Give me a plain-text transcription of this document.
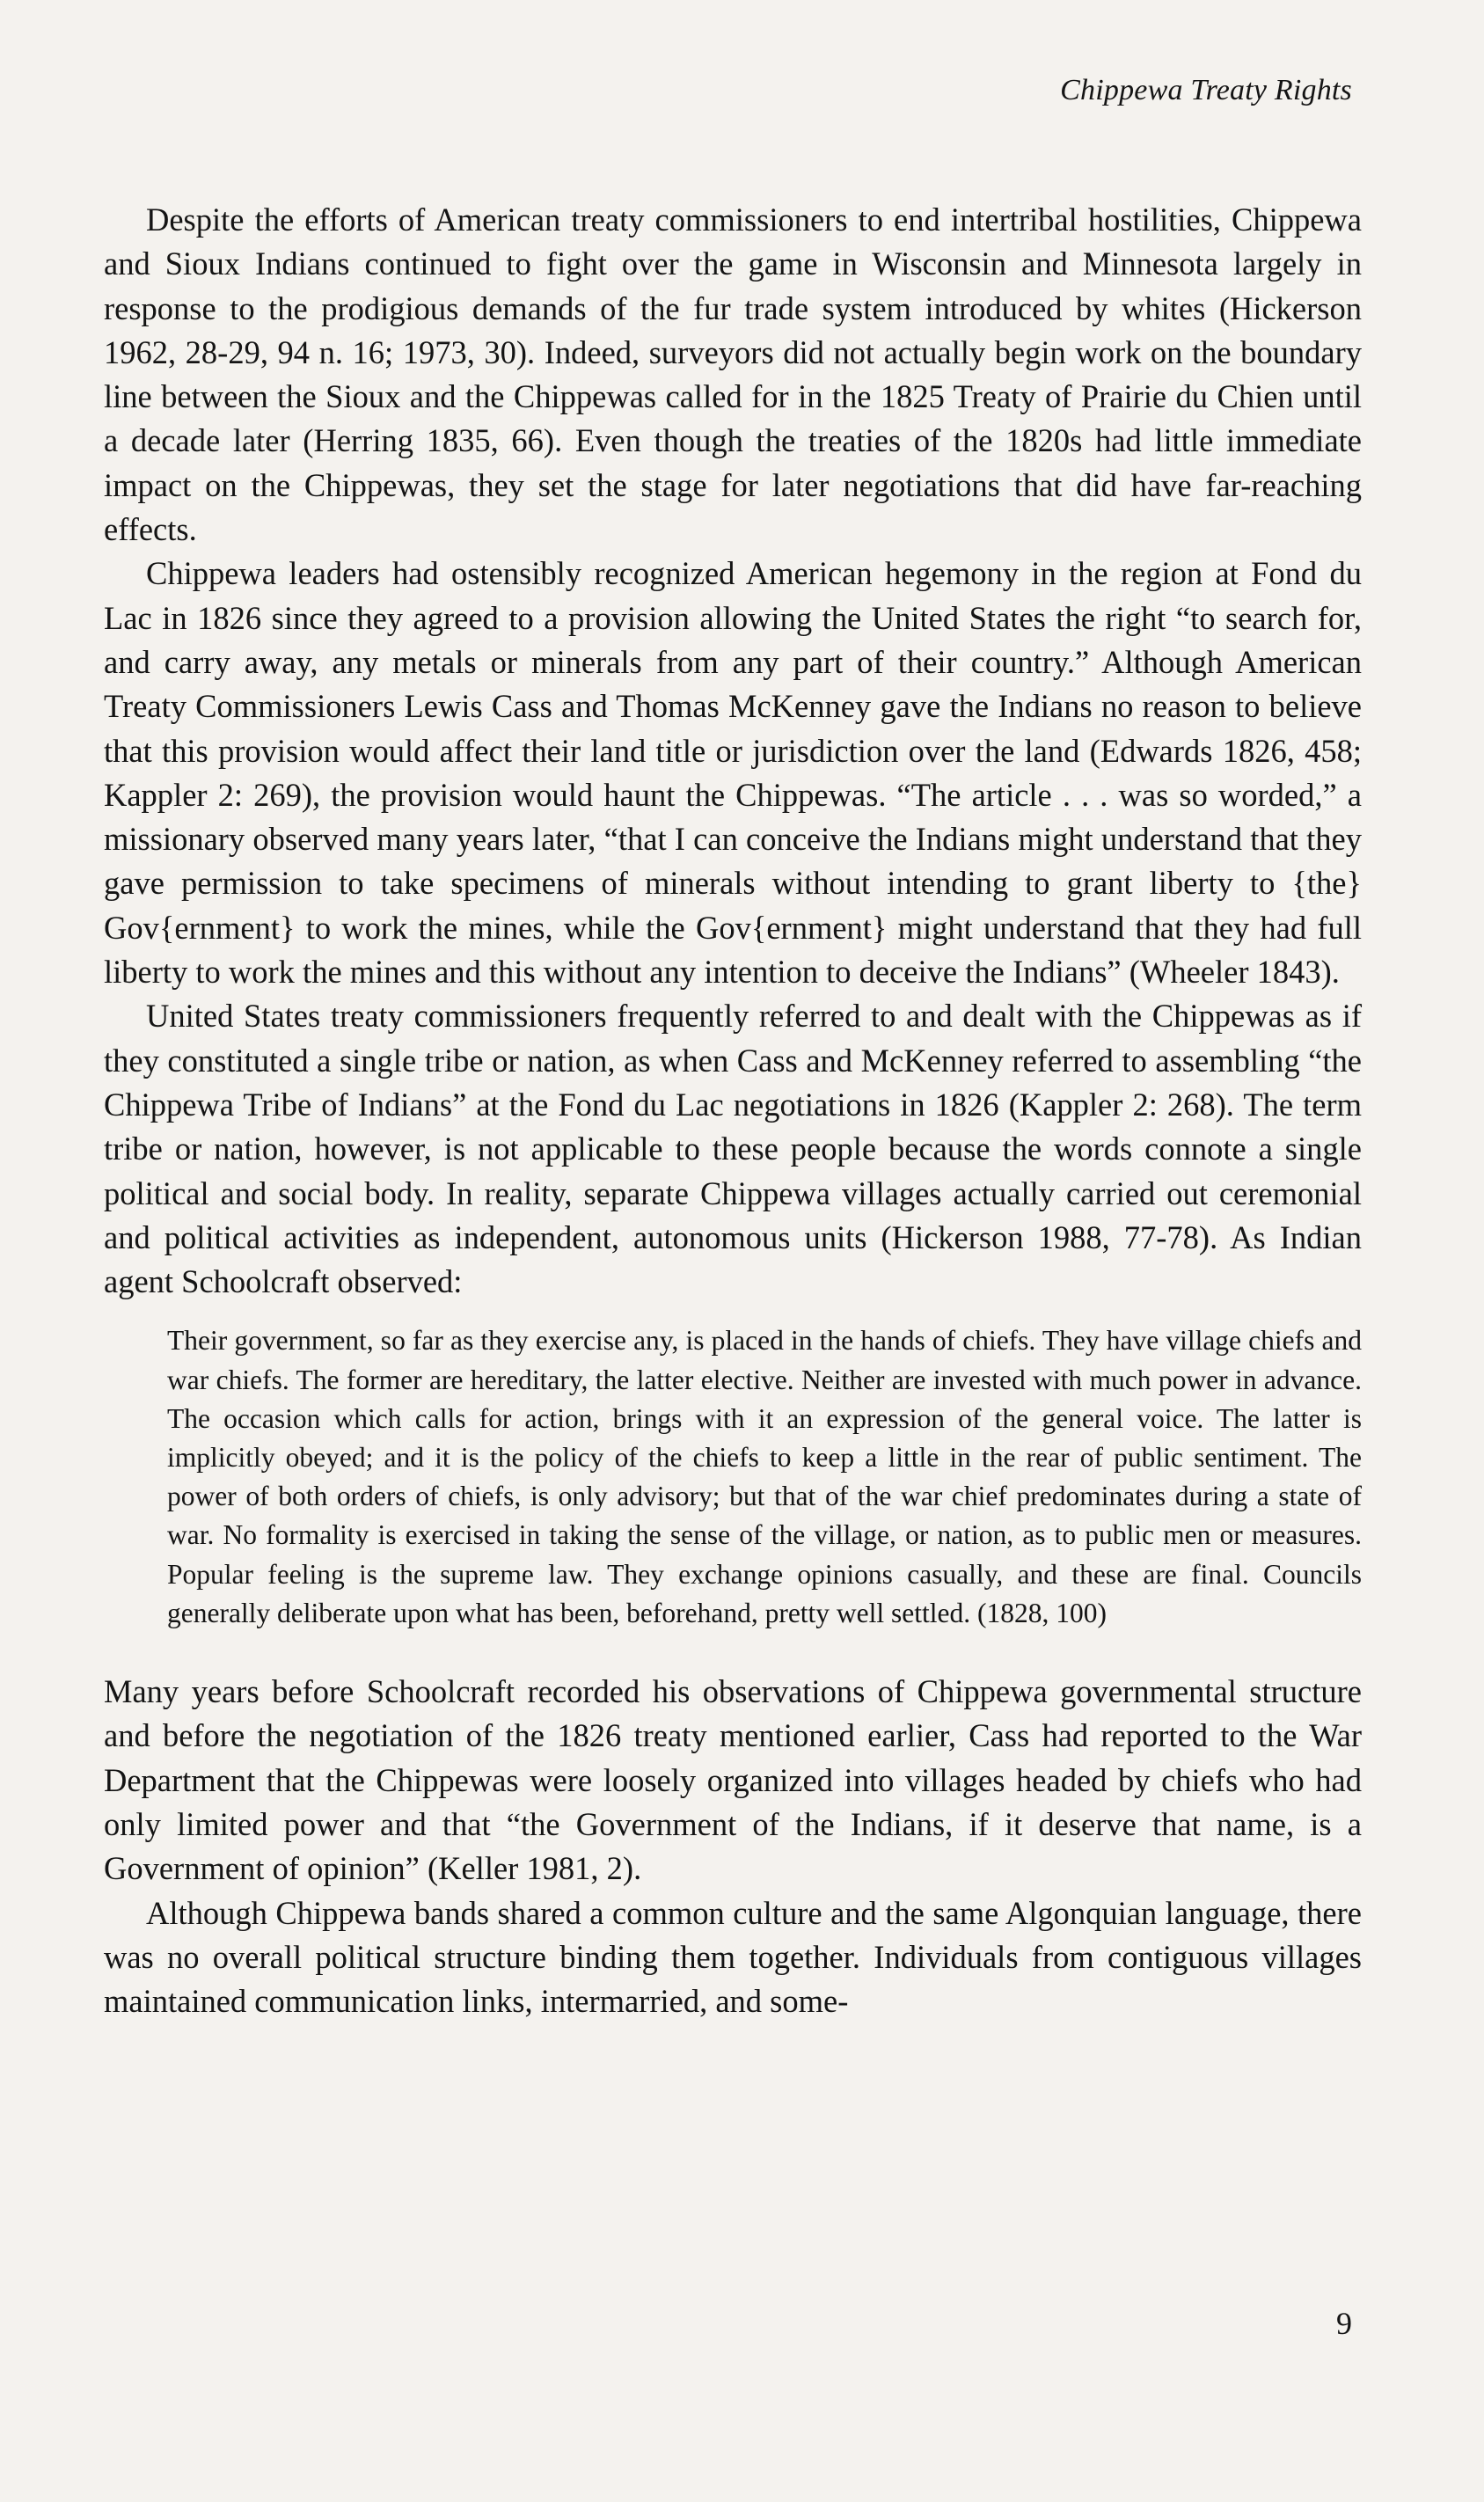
Chippewa Treaty Rights

Despite the efforts of American treaty commissioners to end intertribal hostilities, Chippewa and Sioux Indians continued to fight over the game in Wisconsin and Minnesota largely in response to the prodigious demands of the fur trade system introduced by whites (Hickerson 1962, 28-29, 94 n. 16; 1973, 30). Indeed, surveyors did not actually begin work on the boundary line between the Sioux and the Chippewas called for in the 1825 Treaty of Prairie du Chien until a decade later (Herring 1835, 66). Even though the treaties of the 1820s had little immediate impact on the Chippewas, they set the stage for later negotiations that did have far-reaching effects.

Chippewa leaders had ostensibly recognized American hegemony in the region at Fond du Lac in 1826 since they agreed to a provision allowing the United States the right “to search for, and carry away, any metals or minerals from any part of their country.” Although American Treaty Commissioners Lewis Cass and Thomas McKenney gave the Indians no reason to believe that this provision would affect their land title or jurisdiction over the land (Edwards 1826, 458; Kappler 2: 269), the provision would haunt the Chippewas. “The article . . . was so worded,” a missionary observed many years later, “that I can conceive the Indians might understand that they gave permission to take specimens of minerals without intending to grant liberty to {the} Gov{ernment} to work the mines, while the Gov{ernment} might understand that they had full liberty to work the mines and this without any intention to deceive the Indians” (Wheeler 1843).

United States treaty commissioners frequently referred to and dealt with the Chippewas as if they constituted a single tribe or nation, as when Cass and McKenney referred to assembling “the Chippewa Tribe of Indians” at the Fond du Lac negotiations in 1826 (Kappler 2: 268). The term tribe or nation, however, is not applicable to these people because the words connote a single political and social body. In reality, separate Chippewa villages actually carried out ceremonial and political activities as independent, autonomous units (Hickerson 1988, 77-78). As Indian agent Schoolcraft observed:

Their government, so far as they exercise any, is placed in the hands of chiefs. They have village chiefs and war chiefs. The former are hereditary, the latter elective. Neither are invested with much power in advance. The occasion which calls for action, brings with it an expression of the general voice. The latter is implicitly obeyed; and it is the policy of the chiefs to keep a little in the rear of public sentiment. The power of both orders of chiefs, is only advisory; but that of the war chief predominates during a state of war. No formality is exercised in taking the sense of the village, or nation, as to public men or measures. Popular feeling is the supreme law. They exchange opinions casually, and these are final. Councils generally deliberate upon what has been, beforehand, pretty well settled. (1828, 100)

Many years before Schoolcraft recorded his observations of Chippewa governmental structure and before the negotiation of the 1826 treaty mentioned earlier, Cass had reported to the War Department that the Chippewas were loosely organized into villages headed by chiefs who had only limited power and that “the Government of the Indians, if it deserve that name, is a Government of opinion” (Keller 1981, 2).

Although Chippewa bands shared a common culture and the same Algonquian language, there was no overall political structure binding them together. Individuals from contiguous villages maintained communication links, intermarried, and some-

9
